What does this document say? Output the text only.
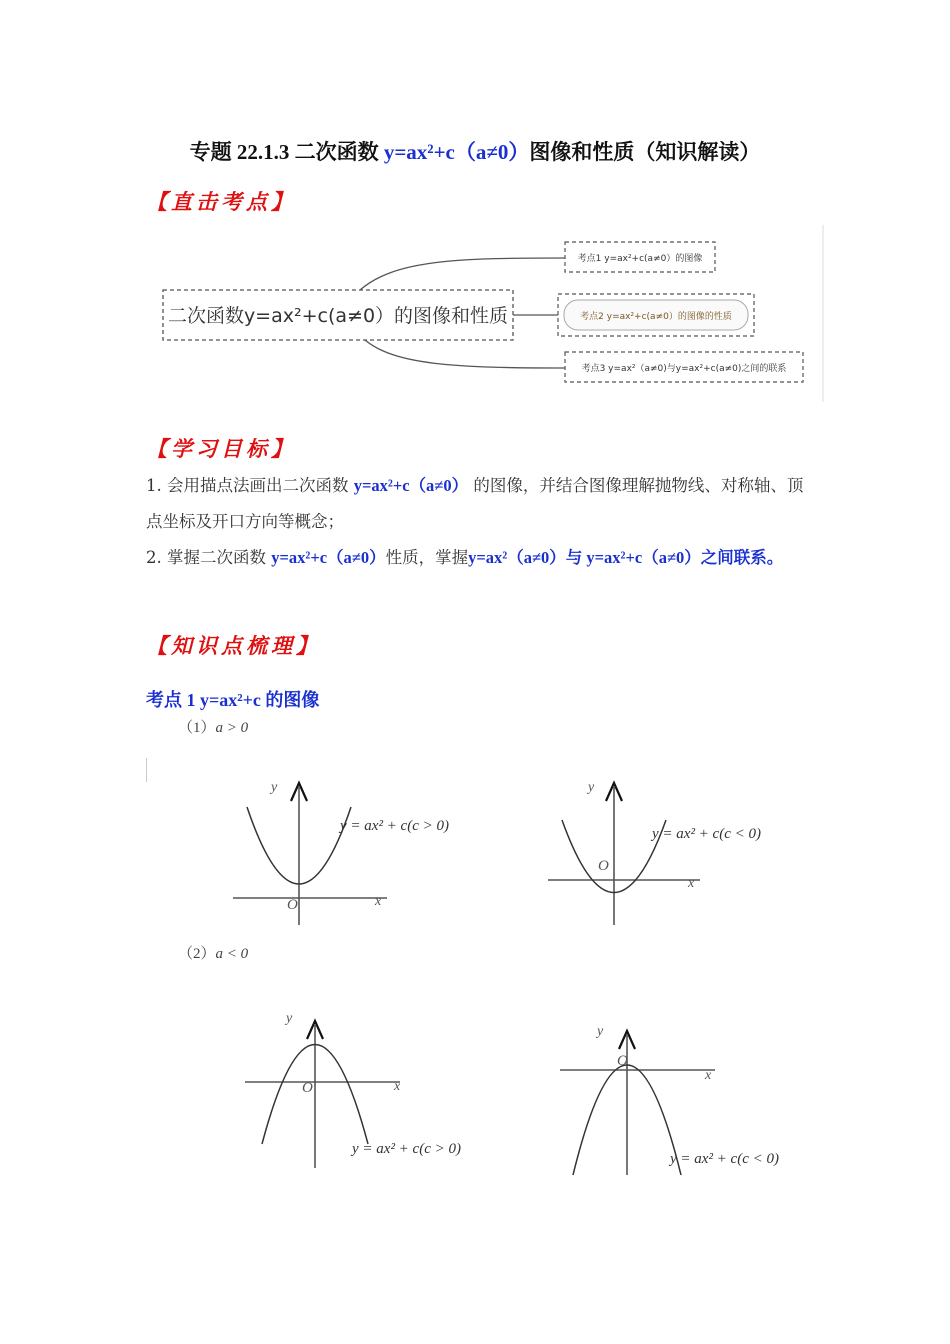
专题 22.1.3 二次函数 y=ax²+c（a≠0）图像和性质（知识解读）
【直击考点】
二次函数y=ax²+c(a≠0）的图像和性质
考点1 y=ax²+c(a≠0）的图像
考点2 y=ax²+c(a≠0）的图像的性质
考点3 y=ax²（a≠0)与y=ax²+c(a≠0)之间的联系
【学习目标】
1. 会用描点法画出二次函数 y=ax²+c（a≠0） 的图像，并结合图像理解抛物线、对称轴、顶点坐标及开口方向等概念；
2. 掌握二次函数 y=ax²+c（a≠0）性质，掌握y=ax²（a≠0）与 y=ax²+c（a≠0）之间联系。
【知识点梳理】
考点 1 y=ax²+c 的图像
（1）a > 0
（2）a < 0
y
x
O
y = ax² + c(c > 0)
y
x
O
y = ax² + c(c < 0)
y
x
O
y = ax² + c(c > 0)
y
x
O
y = ax² + c(c < 0)
